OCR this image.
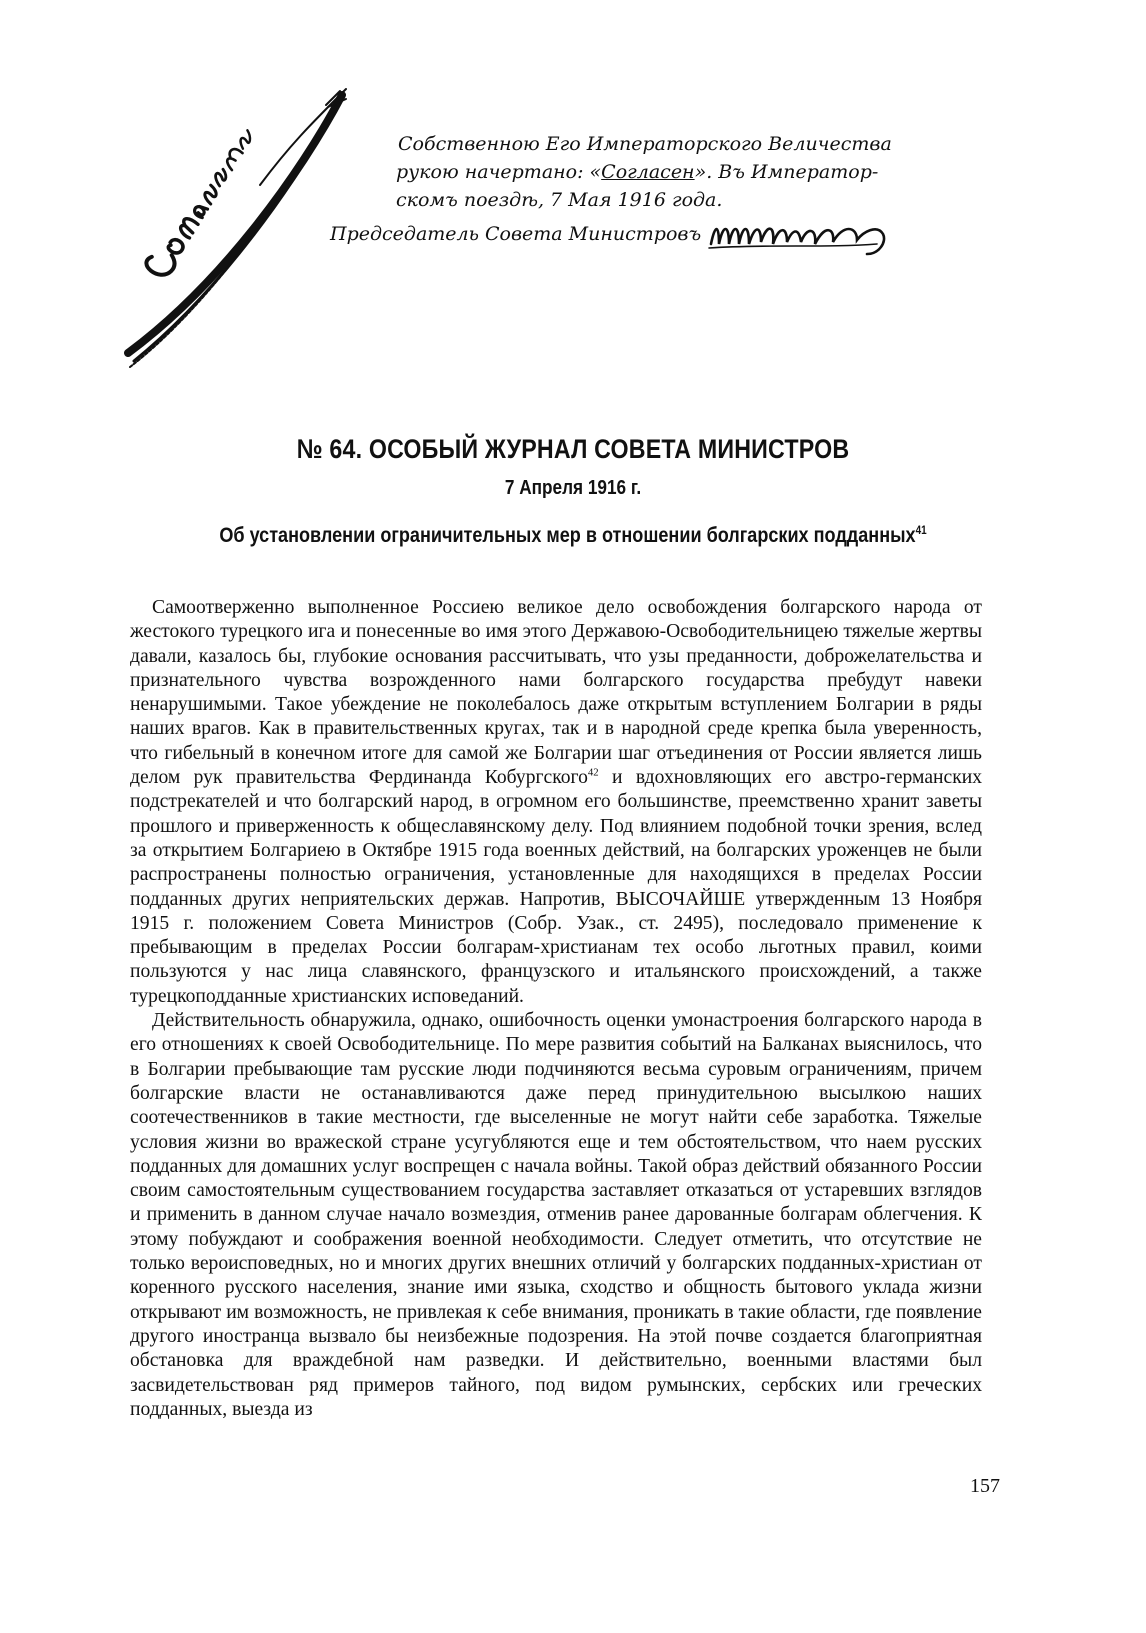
Собственною Его Императорского Величества
рукою начертано: «Согласен». Въ Император-
скомъ поездѣ, 7 Мая 1916 года.
Председатель Совета Министровъ
№ 64. ОСОБЫЙ ЖУРНАЛ СОВЕТА МИНИСТРОВ
7 Апреля 1916 г.
Об установлении ограничительных мер в отношении болгарских подданных$^{41}$

Самоотверженно выполненное Россиею великое дело освобождения болгарского народа от жестокого турецкого ига и понесенные во имя этого Державою-Освободительницею тяжелые жертвы давали, казалось бы, глубокие основания рассчитывать, что узы преданности, доброжелательства и признательного чувства возрожденного нами болгарского государства пребудут навеки ненарушимыми. Такое убеждение не поколебалось даже открытым вступлением Болгарии в ряды наших врагов. Как в правительственных кругах, так и в народной среде крепка была уверенность, что гибельный в конечном итоге для самой же Болгарии шаг отъединения от России является лишь делом рук правительства Фердинанда Кобургского$^{42}$ и вдохновляющих его австро-германских подстрекателей и что болгарский народ, в огромном его большинстве, преемственно хранит заветы прошлого и приверженность к общеславянскому делу. Под влиянием подобной точки зрения, вслед за открытием Болгариею в Октябре 1915 года военных действий, на болгарских уроженцев не были распространены полностью ограничения, установленные для находящихся в пределах России подданных других неприятельских держав. Напротив, ВЫСОЧАЙШЕ утвержденным 13 Ноября 1915 г. положением Совета Министров (Собр. Узак., ст. 2495), последовало применение к пребывающим в пределах России болгарам-христианам тех особо льготных правил, коими пользуются у нас лица славянского, французского и итальянского происхождений, а также турецкоподданные христианских исповеданий.

Действительность обнаружила, однако, ошибочность оценки умонастроения болгарского народа в его отношениях к своей Освободительнице. По мере развития событий на Балканах выяснилось, что в Болгарии пребывающие там русские люди подчиняются весьма суровым ограничениям, причем болгарские власти не останавливаются даже перед принудительною высылкою наших соотечественников в такие местности, где выселенные не могут найти себе заработка. Тяжелые условия жизни во вражеской стране усугубляются еще и тем обстоятельством, что наем русских подданных для домашних услуг воспрещен с начала войны. Такой образ действий обязанного России своим самостоятельным существованием государства заставляет отказаться от устаревших взглядов и применить в данном случае начало возмездия, отменив ранее дарованные болгарам облегчения. К этому побуждают и соображения военной необходимости. Следует отметить, что отсутствие не только вероисповедных, но и многих других внешних отличий у болгарских подданных-христиан от коренного русского населения, знание ими языка, сходство и общность бытового уклада жизни открывают им возможность, не привлекая к себе внимания, проникать в такие области, где появление другого иностранца вызвало бы неизбежные подозрения. На этой почве создается благоприятная обстановка для враждебной нам разведки. И действительно, военными властями был засвидетельствован ряд примеров тайного, под видом румынских, сербских или греческих подданных, выезда из

157
